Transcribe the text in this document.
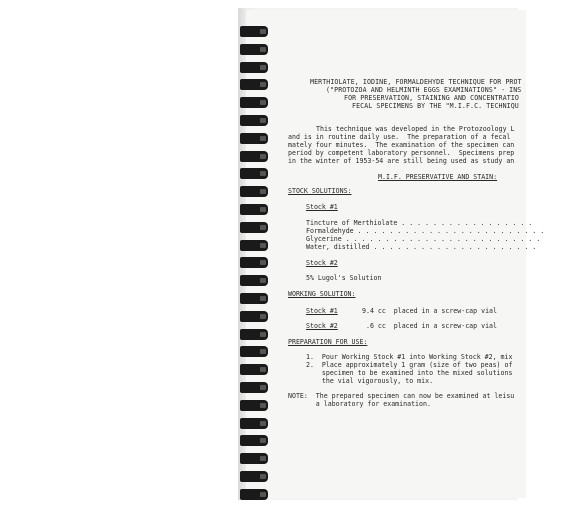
MERTHIOLATE, IODINE, FORMALDEHYDE TECHNIQUE FOR PROT

("PROTOZOA AND HELMINTH EGGS EXAMINATIONS" - INS

FOR PRESERVATION, STAINING AND CONCENTRATIO

FECAL SPECIMENS BY THE "M.I.F.C. TECHNIQU

This technique was developed in the Protozoology L

and is in routine daily use.  The preparation of a fecal

mately four minutes.  The examination of the specimen can

period by competent laboratory personnel.  Specimens prep

in the winter of 1953-54 are still being used as study an

M.I.F. PRESERVATIVE AND STAIN:

STOCK SOLUTIONS:

Stock #1

Tincture of Merthiolate . . . . . . . . . . . . . . . . .

Formaldehyde . . . . . . . . . . . . . . . . . . . . . . . .

Glycerine . . . . . . . . . . . . . . . . . . . . . . . . .

Water, distilled . . . . . . . . . . . . . . . . . . . . .

Stock #2

5% Lugol's Solution

WORKING SOLUTION:

Stock #1

	9.4 cc  placed in a screw-cap vial

Stock #2

	.6 cc  placed in a screw-cap vial

PREPARATION FOR USE:

1.  Pour Working Stock #1 into Working Stock #2, mix

2.  Place approximately 1 gram (size of two peas) of

specimen to be examined into the mixed solutions

the vial vigorously, to mix.

NOTE:  The prepared specimen can now be examined at leisu

a laboratory for examination.
